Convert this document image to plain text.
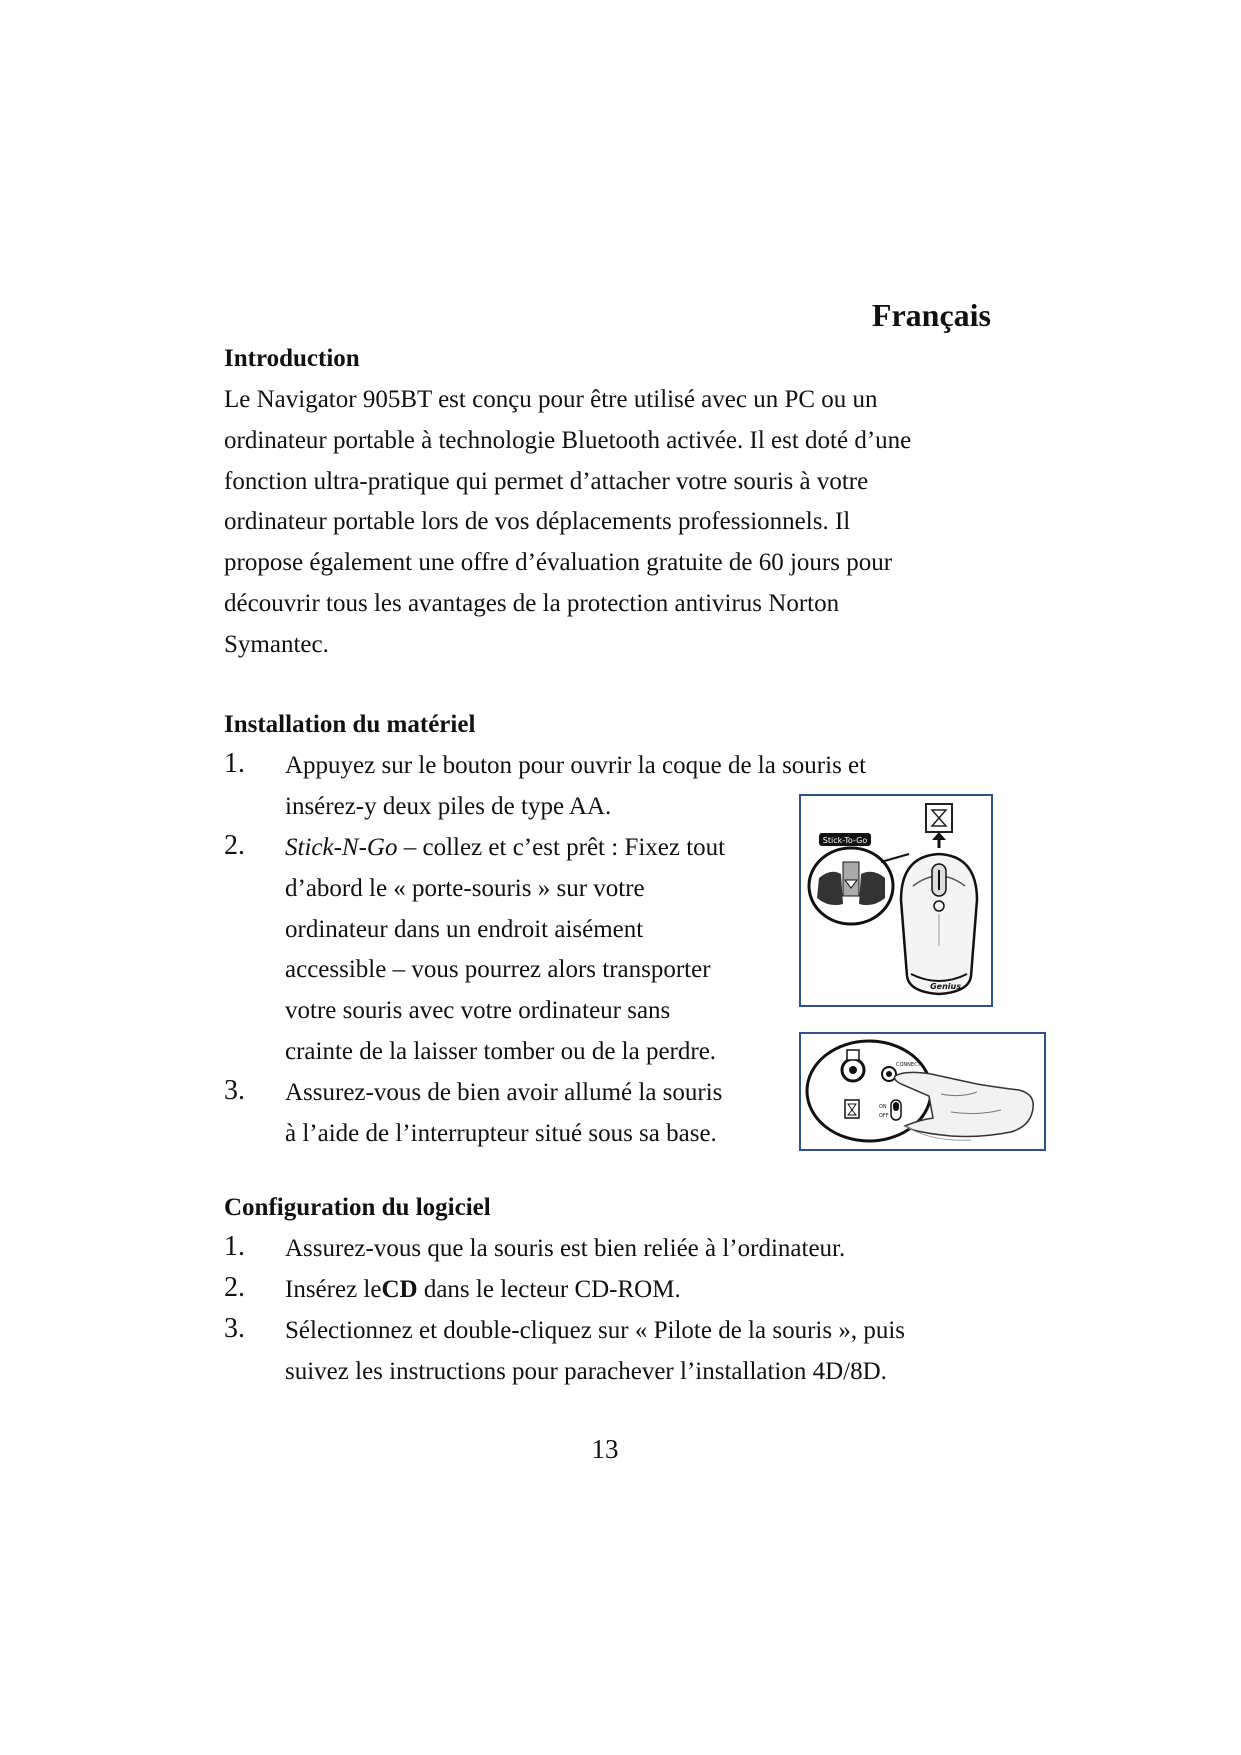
Français
Introduction
Le Navigator 905BT est conçu pour être utilisé avec un PC ou un
ordinateur portable à technologie Bluetooth activée. Il est doté d’une
fonction ultra-pratique qui permet d’attacher votre souris à votre
ordinateur portable lors de vos déplacements professionnels. Il
propose également une offre d’évaluation gratuite de 60 jours pour
découvrir tous les avantages de la protection antivirus Norton
Symantec.
Installation du matériel
1. Appuyez sur le bouton pour ouvrir la coque de la souris et
insérez-y deux piles de type AA.
2. Stick-N-Go – collez et c’est prêt : Fixez tout
d’abord le « porte-souris » sur votre
ordinateur dans un endroit aisément
accessible – vous pourrez alors transporter
votre souris avec votre ordinateur sans
crainte de la laisser tomber ou de la perdre.
3. Assurez-vous de bien avoir allumé la souris
à l’aide de l’interrupteur situé sous sa base.
Stick-To-Go
Genius
CONNECT
ON
OFF
Configuration du logiciel
1. Assurez-vous que la souris est bien reliée à l’ordinateur.
2. Insérez leCD dans le lecteur CD-ROM.
3. Sélectionnez et double-cliquez sur « Pilote de la souris », puis
suivez les instructions pour parachever l’installation 4D/8D.
13
